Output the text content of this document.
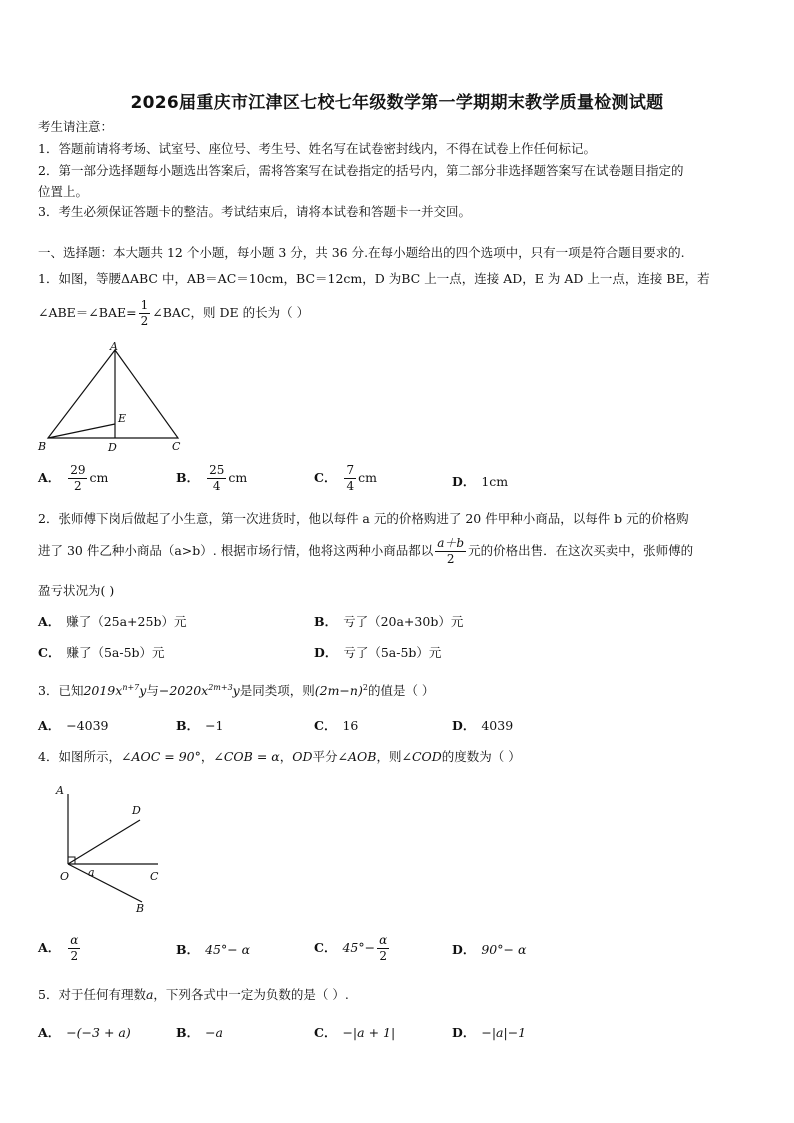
2026届重庆市江津区七校七年级数学第一学期期末教学质量检测试题
考生请注意：
1．答题前请将考场、试室号、座位号、考生号、姓名写在试卷密封线内，不得在试卷上作任何标记。
2．第一部分选择题每小题选出答案后，需将答案写在试卷指定的括号内，第二部分非选择题答案写在试卷题目指定的
位置上。
3．考生必须保证答题卡的整洁。考试结束后，请将本试卷和答题卡一并交回。
一、选择题：本大题共 12 个小题，每小题 3 分，共 36 分.在每小题给出的四个选项中，只有一项是符合题目要求的.
1．如图，等腰ΔABC 中，AB＝AC＝10cm，BC＝12cm，D 为BC 上一点，连接 AD，E 为 AD 上一点，连接 BE，若
∠ABE＝∠BAE= $\frac{1}{2}$ ∠BAC，则 DE 的长为（ ）
A
E
B	D	C
A． $\frac{29}{2}$ cm	B． $\frac{25}{4}$ cm	C． $\frac{7}{4}$ cm	D． 1cm
2．张师傅下岗后做起了小生意，第一次进货时，他以每件 a 元的价格购进了 20 件甲种小商品，以每件 b 元的价格购
进了 30 件乙种小商品（a>b）. 根据市场行情，他将这两种小商品都以 $\frac{a+b}{2}$ 元的价格出售．在这次买卖中，张师傅的
盈亏状况为( )
A． 赚了（25a+25b）元	B． 亏了（20a+30b）元
C． 赚了（5a-5b）元	D． 亏了（5a-5b）元
3．已知$2019x^{n+7}y$与$-2020x^{2m+3}y$是同类项，则$(2m-n)^2$的值是（ ）
A． −4039	B． −1	C． 16	D． 4039
4．如图所示，∠AOC = 90°，∠COB = α，OD平分∠AOB，则∠COD的度数为（ ）
A
D
O a	C
B
A． $\frac{\alpha}{2}$	B． 45°− α	C． $45^\circ- \frac{\alpha}{2}$	D． 90°− α
5．对于任何有理数a，下列各式中一定为负数的是（ ）.
A． −(−3 + a)	B． −a	C． −|a + 1|	D． −|a|−1
